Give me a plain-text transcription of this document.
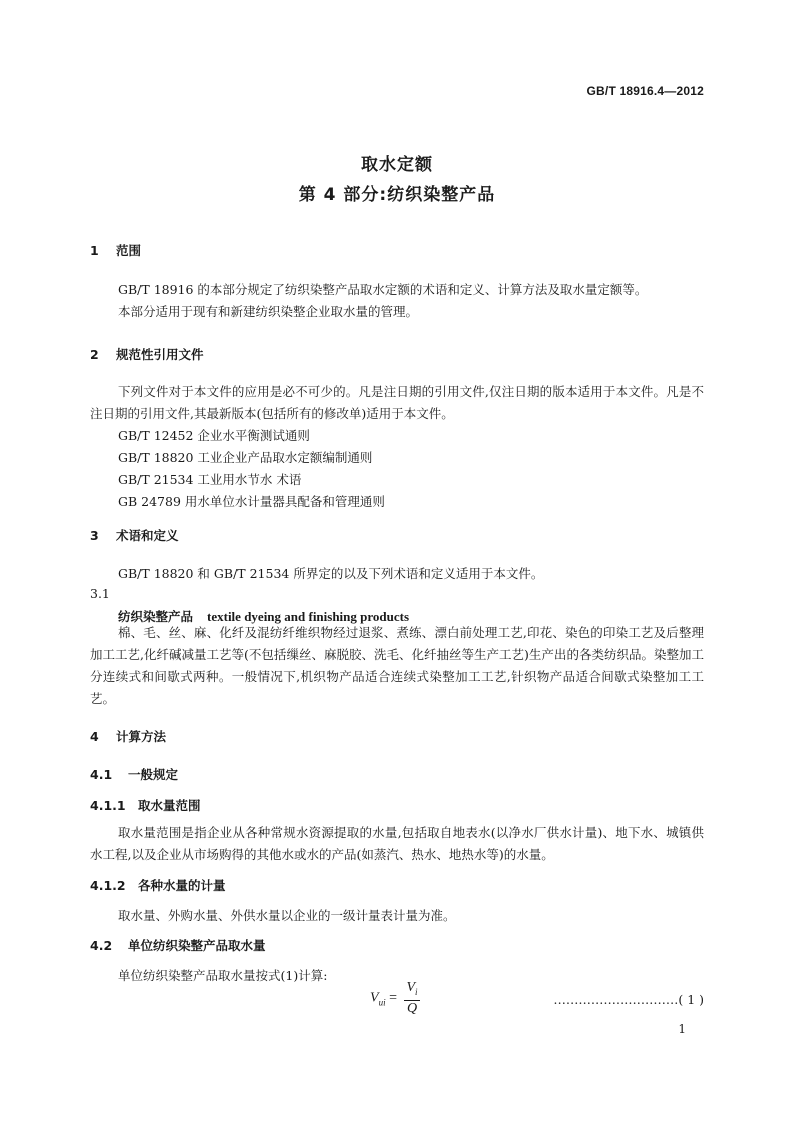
GB/T 18916.4—2012
取水定额
第 4 部分:纺织染整产品
1 范围
GB/T 18916 的本部分规定了纺织染整产品取水定额的术语和定义、计算方法及取水量定额等。
本部分适用于现有和新建纺织染整企业取水量的管理。
2 规范性引用文件
下列文件对于本文件的应用是必不可少的。凡是注日期的引用文件,仅注日期的版本适用于本文件。凡是不注日期的引用文件,其最新版本(包括所有的修改单)适用于本文件。
GB/T 12452 企业水平衡测试通则
GB/T 18820 工业企业产品取水定额编制通则
GB/T 21534 工业用水节水 术语
GB 24789 用水单位水计量器具配备和管理通则
3 术语和定义
GB/T 18820 和 GB/T 21534 所界定的以及下列术语和定义适用于本文件。
3.1
纺织染整产品 textile dyeing and finishing products
棉、毛、丝、麻、化纤及混纺纤维织物经过退浆、煮练、漂白前处理工艺,印花、染色的印染工艺及后整理加工工艺,化纤碱减量工艺等(不包括缫丝、麻脱胶、洗毛、化纤抽丝等生产工艺)生产出的各类纺织品。染整加工分连续式和间歇式两种。一般情况下,机织物产品适合连续式染整加工工艺,针织物产品适合间歇式染整加工工艺。
4 计算方法
4.1 一般规定
4.1.1 取水量范围
取水量范围是指企业从各种常规水资源提取的水量,包括取自地表水(以净水厂供水计量)、地下水、城镇供水工程,以及企业从市场购得的其他水或水的产品(如蒸汽、热水、地热水等)的水量。
4.1.2 各种水量的计量
取水量、外购水量、外供水量以企业的一级计量表计量为准。
4.2 单位纺织染整产品取水量
单位纺织染整产品取水量按式(1)计算:
$V_{ui} = \frac{V_i}{Q}$	…………………………( 1 )
1
